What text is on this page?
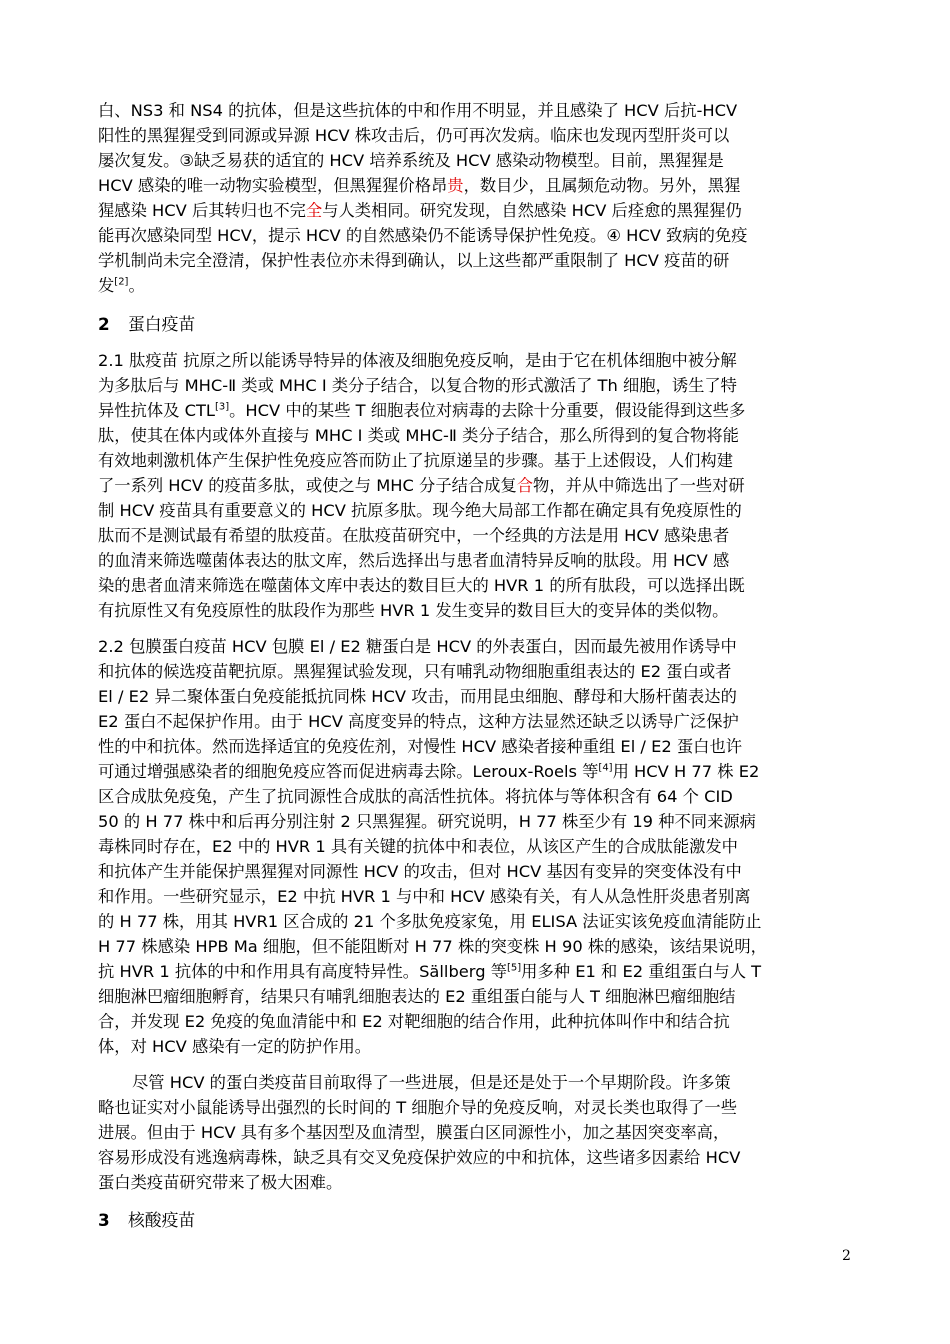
白、NS3 和 NS4 的抗体，但是这些抗体的中和作用不明显，并且感染了 HCV 后抗-HCV
阳性的黑猩猩受到同源或异源 HCV 株攻击后，仍可再次发病。临床也发现丙型肝炎可以
屡次复发。③缺乏易获的适宜的 HCV 培养系统及 HCV 感染动物模型。目前，黑猩猩是
HCV 感染的唯一动物实验模型，但黑猩猩价格昂贵，数目少，且属频危动物。另外，黑猩
猩感染 HCV 后其转归也不完全与人类相同。研究发现，自然感染 HCV 后痊愈的黑猩猩仍
能再次感染同型 HCV，提示 HCV 的自然感染仍不能诱导保护性免疫。④ HCV 致病的免疫
学机制尚未完全澄清，保护性表位亦未得到确认，以上这些都严重限制了 HCV 疫苗的研
发[2]。
2 蛋白疫苗
2.1 肽疫苗 抗原之所以能诱导特异的体液及细胞免疫反响，是由于它在机体细胞中被分解
为多肽后与 MHC-Ⅱ 类或 MHC I 类分子结合，以复合物的形式激活了 Th 细胞，诱生了特
异性抗体及 CTL[3]。HCV 中的某些 T 细胞表位对病毒的去除十分重要，假设能得到这些多
肽，使其在体内或体外直接与 MHC I 类或 MHC-Ⅱ 类分子结合，那么所得到的复合物将能
有效地刺激机体产生保护性免疫应答而防止了抗原递呈的步骤。基于上述假设，人们构建
了一系列 HCV 的疫苗多肽，或使之与 MHC 分子结合成复合物，并从中筛选出了一些对研
制 HCV 疫苗具有重要意义的 HCV 抗原多肽。现今绝大局部工作都在确定具有免疫原性的
肽而不是测试最有希望的肽疫苗。在肽疫苗研究中，一个经典的方法是用 HCV 感染患者
的血清来筛选噬菌体表达的肽文库，然后选择出与患者血清特异反响的肽段。用 HCV 感
染的患者血清来筛选在噬菌体文库中表达的数目巨大的 HVR 1 的所有肽段，可以选择出既
有抗原性又有免疫原性的肽段作为那些 HVR 1 发生变异的数目巨大的变异体的类似物。
2.2 包膜蛋白疫苗 HCV 包膜 El / E2 糖蛋白是 HCV 的外表蛋白，因而最先被用作诱导中
和抗体的候选疫苗靶抗原。黑猩猩试验发现，只有哺乳动物细胞重组表达的 E2 蛋白或者
El / E2 异二聚体蛋白免疫能抵抗同株 HCV 攻击，而用昆虫细胞、酵母和大肠杆菌表达的
E2 蛋白不起保护作用。由于 HCV 高度变异的特点，这种方法显然还缺乏以诱导广泛保护
性的中和抗体。然而选择适宜的免疫佐剂，对慢性 HCV 感染者接种重组 El / E2 蛋白也许
可通过增强感染者的细胞免疫应答而促进病毒去除。Leroux-Roels 等[4]用 HCV H 77 株 E2
区合成肽免疫兔，产生了抗同源性合成肽的高活性抗体。将抗体与等体积含有 64 个 CID
50 的 H 77 株中和后再分别注射 2 只黑猩猩。研究说明，H 77 株至少有 19 种不同来源病
毒株同时存在，E2 中的 HVR 1 具有关键的抗体中和表位，从该区产生的合成肽能激发中
和抗体产生并能保护黑猩猩对同源性 HCV 的攻击，但对 HCV 基因有变异的突变体没有中
和作用。一些研究显示，E2 中抗 HVR 1 与中和 HCV 感染有关，有人从急性肝炎患者别离
的 H 77 株，用其 HVR1 区合成的 21 个多肽免疫家兔，用 ELISA 法证实该免疫血清能防止
H 77 株感染 HPB Ma 细胞，但不能阻断对 H 77 株的突变株 H 90 株的感染，该结果说明，
抗 HVR 1 抗体的中和作用具有高度特异性。Sällberg 等[5]用多种 E1 和 E2 重组蛋白与人 T
细胞淋巴瘤细胞孵育，结果只有哺乳细胞表达的 E2 重组蛋白能与人 T 细胞淋巴瘤细胞结
合，并发现 E2 免疫的兔血清能中和 E2 对靶细胞的结合作用，此种抗体叫作中和结合抗
体，对 HCV 感染有一定的防护作用。
尽管 HCV 的蛋白类疫苗目前取得了一些进展，但是还是处于一个早期阶段。许多策
略也证实对小鼠能诱导出强烈的长时间的 T 细胞介导的免疫反响，对灵长类也取得了一些
进展。但由于 HCV 具有多个基因型及血清型，膜蛋白区同源性小，加之基因突变率高，
容易形成没有逃逸病毒株，缺乏具有交叉免疫保护效应的中和抗体，这些诸多因素给 HCV
蛋白类疫苗研究带来了极大困难。
3 核酸疫苗
2
